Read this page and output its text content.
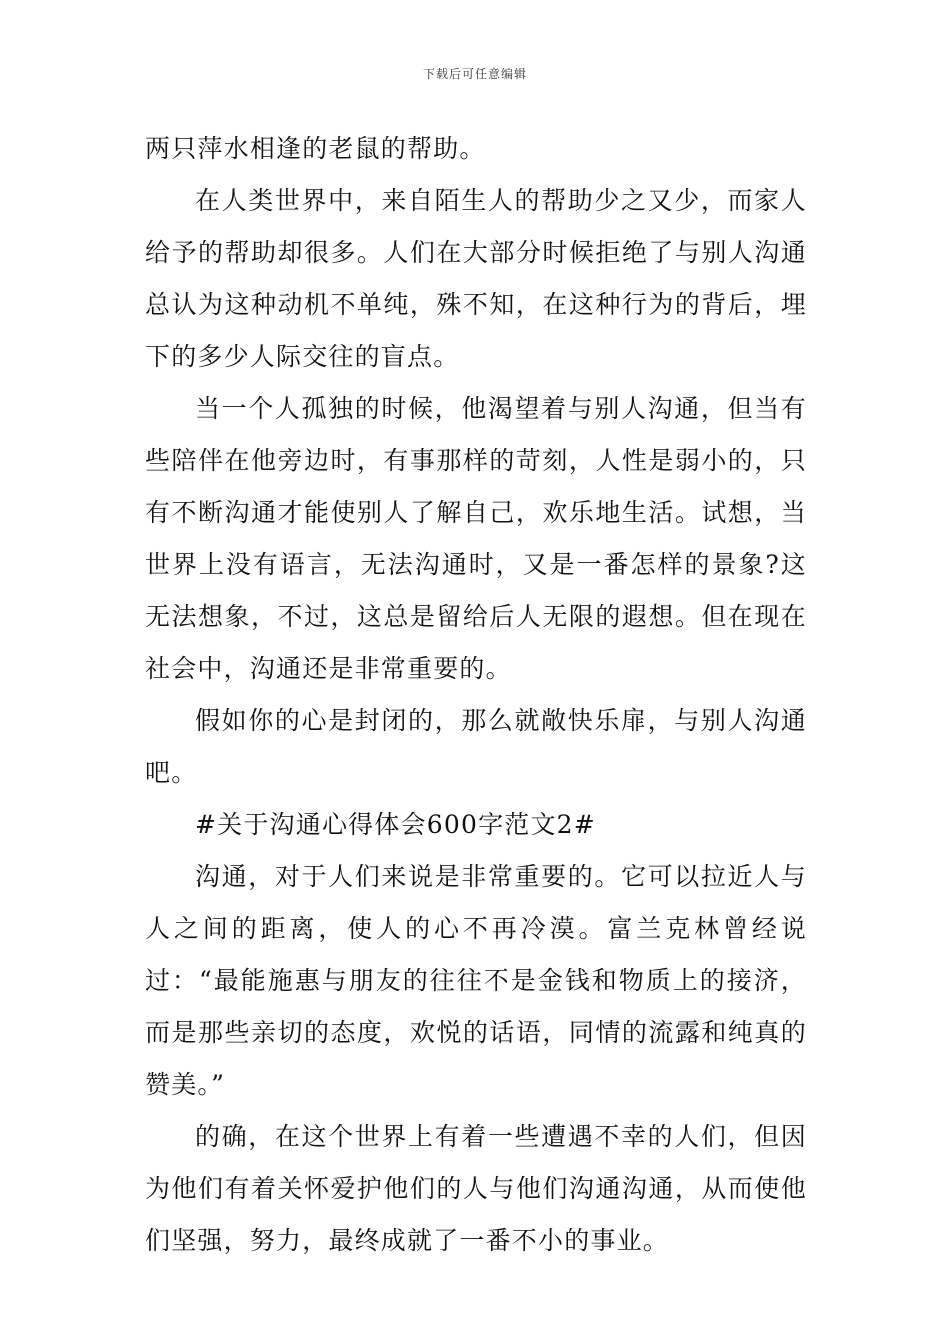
下载后可任意编辑

两只萍水相逢的老鼠的帮助。

在人类世界中，来自陌生人的帮助少之又少，而家人给予的帮助却很多。人们在大部分时候拒绝了与别人沟通总认为这种动机不单纯，殊不知，在这种行为的背后，埋下的多少人际交往的盲点。

当一个人孤独的时候，他渴望着与别人沟通，但当有些陪伴在他旁边时，有事那样的苛刻，人性是弱小的，只有不断沟通才能使别人了解自己，欢乐地生活。试想，当世界上没有语言，无法沟通时，又是一番怎样的景象?这无法想象，不过，这总是留给后人无限的遐想。但在现在社会中，沟通还是非常重要的。

假如你的心是封闭的，那么就敞快乐扉，与别人沟通吧。

#关于沟通心得体会600字范文2#

沟通，对于人们来说是非常重要的。它可以拉近人与人之间的距离，使人的心不再冷漠。富兰克林曾经说过：“最能施惠与朋友的往往不是金钱和物质上的接济，而是那些亲切的态度，欢悦的话语，同情的流露和纯真的赞美。”

的确，在这个世界上有着一些遭遇不幸的人们，但因为他们有着关怀爱护他们的人与他们沟通沟通，从而使他们坚强，努力，最终成就了一番不小的事业。
